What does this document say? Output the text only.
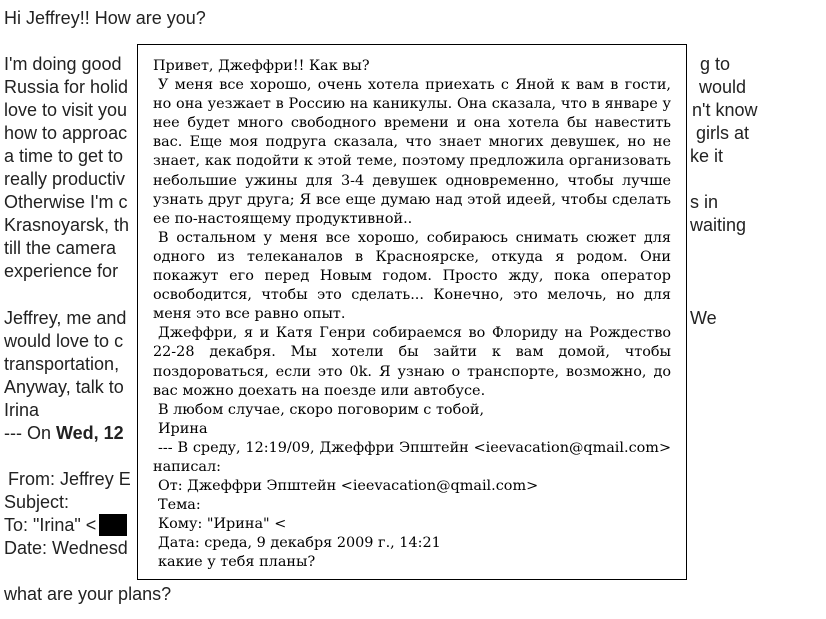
Hi Jeffrey!! How are you?
I'm doing good
Russia for holid
love to visit you
how to approac
a time to get to
really productiv
Otherwise I'm c
Krasnoyarsk, th
till the camera
experience for
g to
would
n't know
girls at
ke it
s in
waiting
Jeffrey, me and
would love to c
transportation,
Anyway, talk to
Irina
We
--- On Wed, 12
From: Jeffrey E
Subject:
To: "Irina" <
Date: Wednesd
what are your plans?

Привет, Джеффри!! Как вы?

У меня все хорошо, очень хотела приехать с Яной к вам в гости, но она уезжает в Россию на каникулы. Она сказала, что в январе у нее будет много свободного времени и она хотела бы навестить вас. Еще моя подруга сказала, что знает многих девушек, но не знает, как подойти к этой теме, поэтому предложила организовать небольшие ужины для 3-4 девушек одновременно, чтобы лучше узнать друг друга; Я все еще думаю над этой идеей, чтобы сделать ее по-настоящему продуктивной..

В остальном у меня все хорошо, собираюсь снимать сюжет для одного из телеканалов в Красноярске, откуда я родом. Они покажут его перед Новым годом. Просто жду, пока оператор освободится, чтобы это сделать... Конечно, это мелочь, но для меня это все равно опыт.

Джеффри, я и Катя Генри собираемся во Флориду на Рождество 22-28 декабря. Мы хотели бы зайти к вам домой, чтобы поздороваться, если это 0k. Я узнаю о транспорте, возможно, до вас можно доехать на поезде или автобусе.

В любом случае, скоро поговорим с тобой,

Ирина

--- В среду, 12:19/09, Джеффри Эпштейн <ieevacation@qmail.com> написал:

От: Джеффри Эпштейн <ieevacation@qmail.com>

Тема:

Кому: "Ирина" <

Дата: среда, 9 декабря 2009 г., 14:21

какие у тебя планы?
